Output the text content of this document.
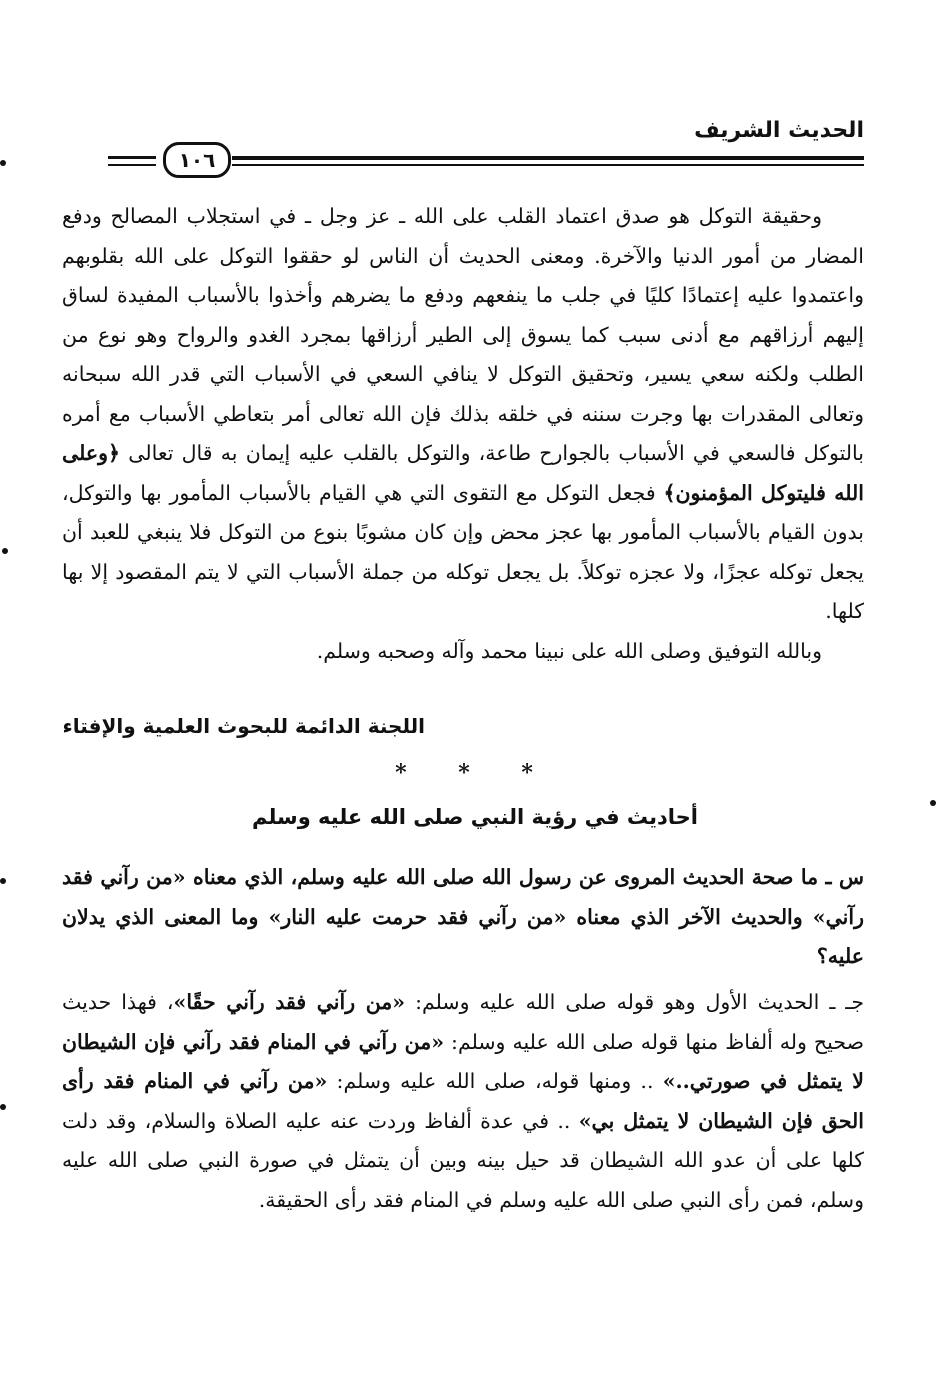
الحديث الشريف
١٠٦

وحقيقة التوكل هو صدق اعتماد القلب على الله ـ عز وجل ـ في استجلاب المصالح ودفع المضار من أمور الدنيا والآخرة. ومعنى الحديث أن الناس لو حققوا التوكل على الله بقلوبهم واعتمدوا عليه إعتمادًا كليًا في جلب ما ينفعهم ودفع ما يضرهم وأخذوا بالأسباب المفيدة لساق إليهم أرزاقهم مع أدنى سبب كما يسوق إلى الطير أرزاقها بمجرد الغدو والرواح وهو نوع من الطلب ولكنه سعي يسير، وتحقيق التوكل لا ينافي السعي في الأسباب التي قدر الله سبحانه وتعالى المقدرات بها وجرت سننه في خلقه بذلك فإن الله تعالى أمر بتعاطي الأسباب مع أمره بالتوكل فالسعي في الأسباب بالجوارح طاعة، والتوكل بالقلب عليه إيمان به قال تعالى ﴿وعلى الله فليتوكل المؤمنون﴾ فجعل التوكل مع التقوى التي هي القيام بالأسباب المأمور بها والتوكل، بدون القيام بالأسباب المأمور بها عجز محض وإن كان مشوبًا بنوع من التوكل فلا ينبغي للعبد أن يجعل توكله عجزًا، ولا عجزه توكلاً. بل يجعل توكله من جملة الأسباب التي لا يتم المقصود إلا بها كلها.

وبالله التوفيق وصلى الله على نبينا محمد وآله وصحبه وسلم.

اللجنة الدائمة للبحوث العلمية والإفتاء
* * *
أحاديث في رؤية النبي صلى الله عليه وسلم

س ـ ما صحة الحديث المروى عن رسول الله صلى الله عليه وسلم، الذي معناه «من رآني فقد رآني» والحديث الآخر الذي معناه «من رآني فقد حرمت عليه النار» وما المعنى الذي يدلان عليه؟

جـ ـ الحديث الأول وهو قوله صلى الله عليه وسلم: «من رآني فقد رآني حقًا»، فهذا حديث صحيح وله ألفاظ منها قوله صلى الله عليه وسلم: «من رآني في المنام فقد رآني فإن الشيطان لا يتمثل في صورتي..» .. ومنها قوله، صلى الله عليه وسلم: «من رآني في المنام فقد رأى الحق فإن الشيطان لا يتمثل بي» .. في عدة ألفاظ وردت عنه عليه الصلاة والسلام، وقد دلت كلها على أن عدو الله الشيطان قد حيل بينه وبين أن يتمثل في صورة النبي صلى الله عليه وسلم، فمن رأى النبي صلى الله عليه وسلم في المنام فقد رأى الحقيقة.
